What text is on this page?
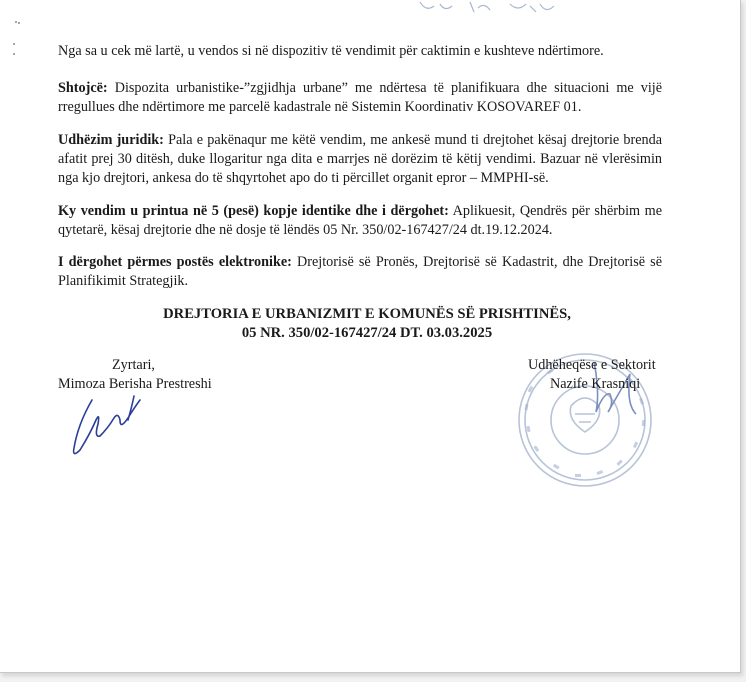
Nga sa u cek më lartë, u vendos si në dispozitiv të vendimit për caktimin e kushteve ndërtimore.

Shtojcë: Dispozita urbanistike-”zgjidhja urbane” me ndërtesa të planifikuara dhe situacioni me vijë rregullues dhe ndërtimore me parcelë kadastrale në Sistemin Koordinativ KOSOVAREF 01.

Udhëzim juridik: Pala e pakënaqur me këtë vendim, me ankesë mund ti drejtohet kësaj drejtorie brenda afatit prej 30 ditësh, duke llogaritur nga dita e marrjes në dorëzim të këtij vendimi. Bazuar në vlerësimin nga kjo drejtori, ankesa do të shqyrtohet apo do ti përcillet organit epror – MMPHI-së.

Ky vendim u printua në 5 (pesë) kopje identike dhe i dërgohet: Aplikuesit, Qendrës për shërbim me qytetarë, kësaj drejtorie dhe në dosje të lëndës 05 Nr. 350/02-167427/24 dt.19.12.2024.

I dërgohet përmes postës elektronike: Drejtorisë së Pronës, Drejtorisë së Kadastrit, dhe Drejtorisë së Planifikimit Strategjik.

DREJTORIA E URBANIZMIT E KOMUNËS SË PRISHTINËS,
05 NR. 350/02-167427/24 DT. 03.03.2025
Zyrtari,
Mimoza Berisha Prestreshi
Udhëheqëse e Sektorit
Nazife Krasniqi
